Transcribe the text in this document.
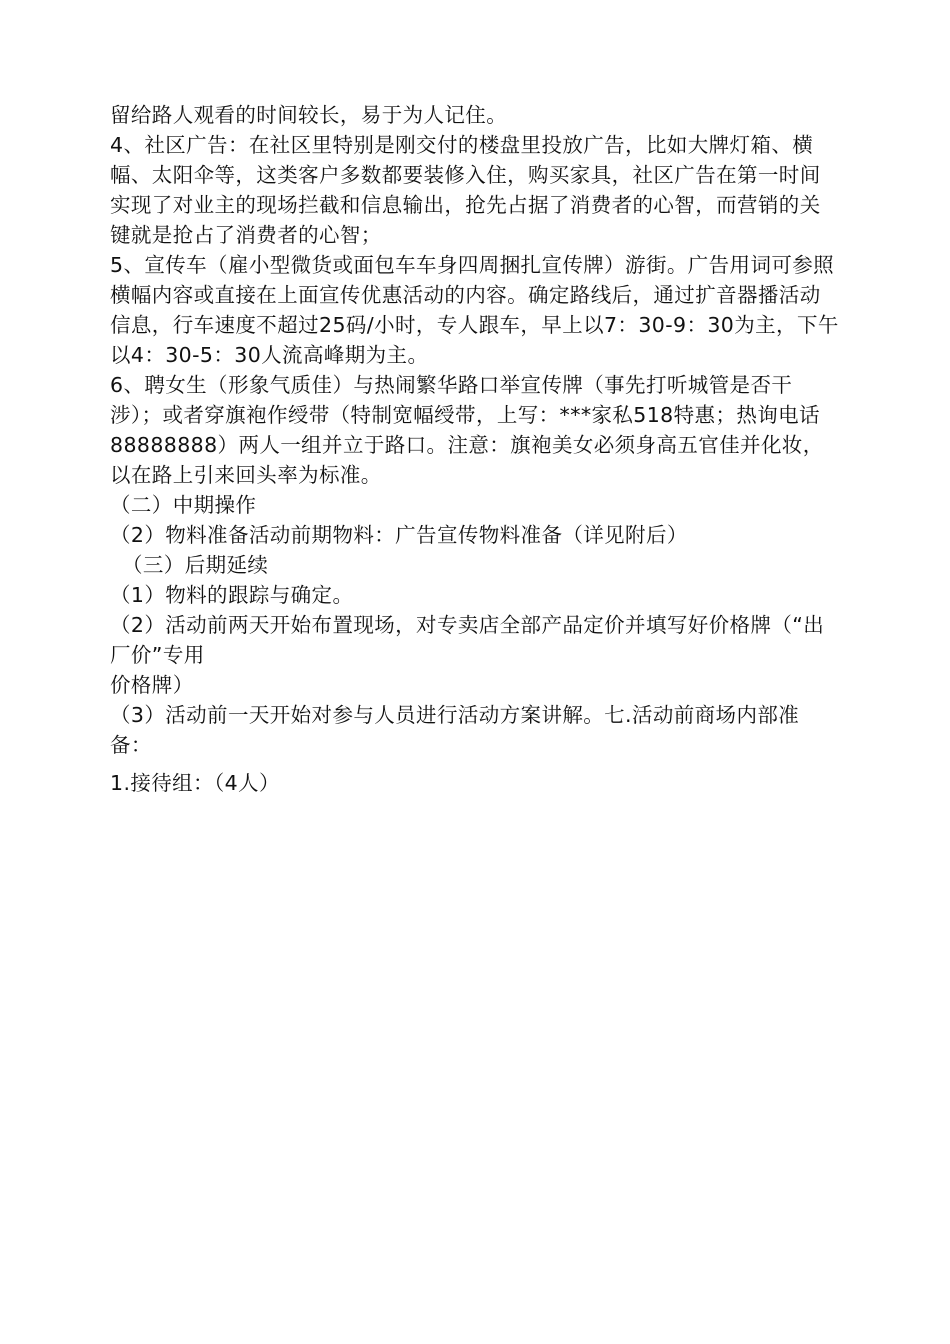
留给路人观看的时间较长，易于为人记住。

4、社区广告：在社区里特别是刚交付的楼盘里投放广告，比如大牌灯箱、横幅、太阳伞等，这类客户多数都要装修入住，购买家具，社区广告在第一时间实现了对业主的现场拦截和信息输出，抢先占据了消费者的心智，而营销的关键就是抢占了消费者的心智；

5、宣传车（雇小型微货或面包车车身四周捆扎宣传牌）游街。广告用词可参照横幅内容或直接在上面宣传优惠活动的内容。确定路线后，通过扩音器播活动信息，行车速度不超过25码/小时，专人跟车，早上以7：30-9：30为主，下午以4：30-5：30人流高峰期为主。

6、聘女生（形象气质佳）与热闹繁华路口举宣传牌（事先打听城管是否干涉）；或者穿旗袍作绶带（特制宽幅绶带，上写：***家私518特惠；热询电话88888888）两人一组并立于路口。注意：旗袍美女必须身高五官佳并化妆，以在路上引来回头率为标准。

（二）中期操作

（2）物料准备活动前期物料：广告宣传物料准备（详见附后）

（三）后期延续

（1）物料的跟踪与确定。

（2）活动前两天开始布置现场，对专卖店全部产品定价并填写好价格牌（“出厂价”专用

价格牌）

（3）活动前一天开始对参与人员进行活动方案讲解。七.活动前商场内部准备：

1.接待组：（4人）
